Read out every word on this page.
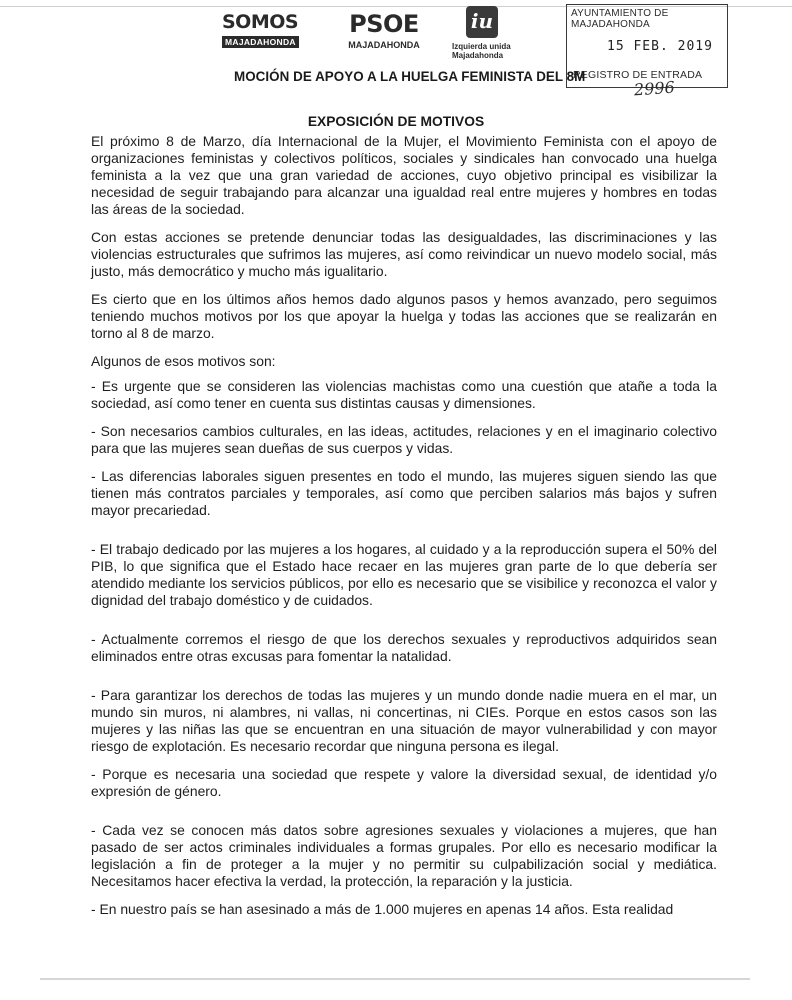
SOMOS
MAJADAHONDA
PSOE
MAJADAHONDA
iu
Izquierda unida
Majadahonda
AYUNTAMIENTO DE MAJADAHONDA
15 FEB. 2019
REGISTRO DE ENTRADA
2996
MOCIÓN DE APOYO A LA HUELGA FEMINISTA DEL 8M
EXPOSICIÓN DE MOTIVOS

El próximo 8 de Marzo, día Internacional de la Mujer, el Movimiento Feminista con el apoyo de organizaciones feministas y colectivos políticos, sociales y sindicales han convocado una huelga feminista a la vez que una gran variedad de acciones, cuyo objetivo principal es visibilizar la necesidad de seguir trabajando para alcanzar una igualdad real entre mujeres y hombres en todas las áreas de la sociedad.

Con estas acciones se pretende denunciar todas las desigualdades, las discriminaciones y las violencias estructurales que sufrimos las mujeres, así como reivindicar un nuevo modelo social, más justo, más democrático y mucho más igualitario.

Es cierto que en los últimos años hemos dado algunos pasos y hemos avanzado, pero seguimos teniendo muchos motivos por los que apoyar la huelga y todas las acciones que se realizarán en torno al 8 de marzo.

Algunos de esos motivos son:

- Es urgente que se consideren las violencias machistas como una cuestión que atañe a toda la sociedad, así como tener en cuenta sus distintas causas y dimensiones.

- Son necesarios cambios culturales, en las ideas, actitudes, relaciones y en el imaginario colectivo para que las mujeres sean dueñas de sus cuerpos y vidas.

- Las diferencias laborales siguen presentes en todo el mundo, las mujeres siguen siendo las que tienen más contratos parciales y temporales, así como que perciben salarios más bajos y sufren mayor precariedad.

- El trabajo dedicado por las mujeres a los hogares, al cuidado y a la reproducción supera el 50% del PIB, lo que significa que el Estado hace recaer en las mujeres gran parte de lo que debería ser atendido mediante los servicios públicos, por ello es necesario que se visibilice y reconozca el valor y dignidad del trabajo doméstico y de cuidados.

- Actualmente corremos el riesgo de que los derechos sexuales y reproductivos adquiridos sean eliminados entre otras excusas para fomentar la natalidad.

- Para garantizar los derechos de todas las mujeres y un mundo donde nadie muera en el mar, un mundo sin muros, ni alambres, ni vallas, ni concertinas, ni CIEs. Porque en estos casos son las mujeres y las niñas las que se encuentran en una situación de mayor vulnerabilidad y con mayor riesgo de explotación. Es necesario recordar que ninguna persona es ilegal.

- Porque es necesaria una sociedad que respete y valore la diversidad sexual, de identidad y/o expresión de género.

- Cada vez se conocen más datos sobre agresiones sexuales y violaciones a mujeres, que han pasado de ser actos criminales individuales a formas grupales. Por ello es necesario modificar la legislación a fin de proteger a la mujer y no permitir su culpabilización social y mediática. Necesitamos hacer efectiva la verdad, la protección, la reparación y la justicia.

- En nuestro país se han asesinado a más de 1.000 mujeres en apenas 14 años. Esta realidad
